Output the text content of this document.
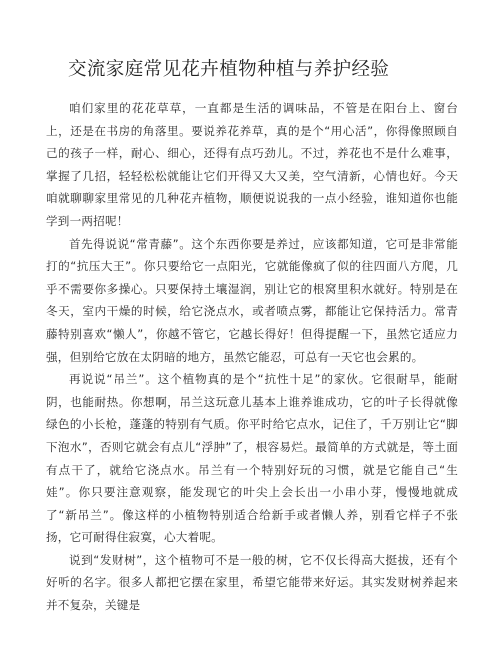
交流家庭常见花卉植物种植与养护经验

咱们家里的花花草草，一直都是生活的调味品，不管是在阳台上、窗台上，还是在书房的角落里。要说养花养草，真的是个“用心活”，你得像照顾自己的孩子一样，耐心、细心，还得有点巧劲儿。不过，养花也不是什么难事，掌握了几招，轻轻松松就能让它们开得又大又美，空气清新，心情也好。今天咱就聊聊家里常见的几种花卉植物，顺便说说我的一点小经验，谁知道你也能学到一两招呢！

首先得说说“常青藤”。这个东西你要是养过，应该都知道，它可是非常能打的“抗压大王”。你只要给它一点阳光，它就能像疯了似的往四面八方爬，几乎不需要你多操心。只要保持土壤湿润，别让它的根窝里积水就好。特别是在冬天，室内干燥的时候，给它浇点水，或者喷点雾，都能让它保持活力。常青藤特别喜欢“懒人”，你越不管它，它越长得好！但得提醒一下，虽然它适应力强，但别给它放在太阴暗的地方，虽然它能忍，可总有一天它也会累的。

再说说“吊兰”。这个植物真的是个“抗性十足”的家伙。它很耐旱，能耐阴，也能耐热。你想啊，吊兰这玩意儿基本上谁养谁成功，它的叶子长得就像绿色的小长枪，蓬蓬的特别有气质。你平时给它点水，记住了，千万别让它“脚下泡水”，否则它就会有点儿“浮肿”了，根容易烂。最简单的方式就是，等土面有点干了，就给它浇点水。吊兰有一个特别好玩的习惯，就是它能自己“生娃”。你只要注意观察，能发现它的叶尖上会长出一小串小芽，慢慢地就成了“新吊兰”。像这样的小植物特别适合给新手或者懒人养，别看它样子不张扬，它可耐得住寂寞，心大着呢。

说到“发财树”，这个植物可不是一般的树，它不仅长得高大挺拔，还有个好听的名字。很多人都把它摆在家里，希望它能带来好运。其实发财树养起来并不复杂，关键是
